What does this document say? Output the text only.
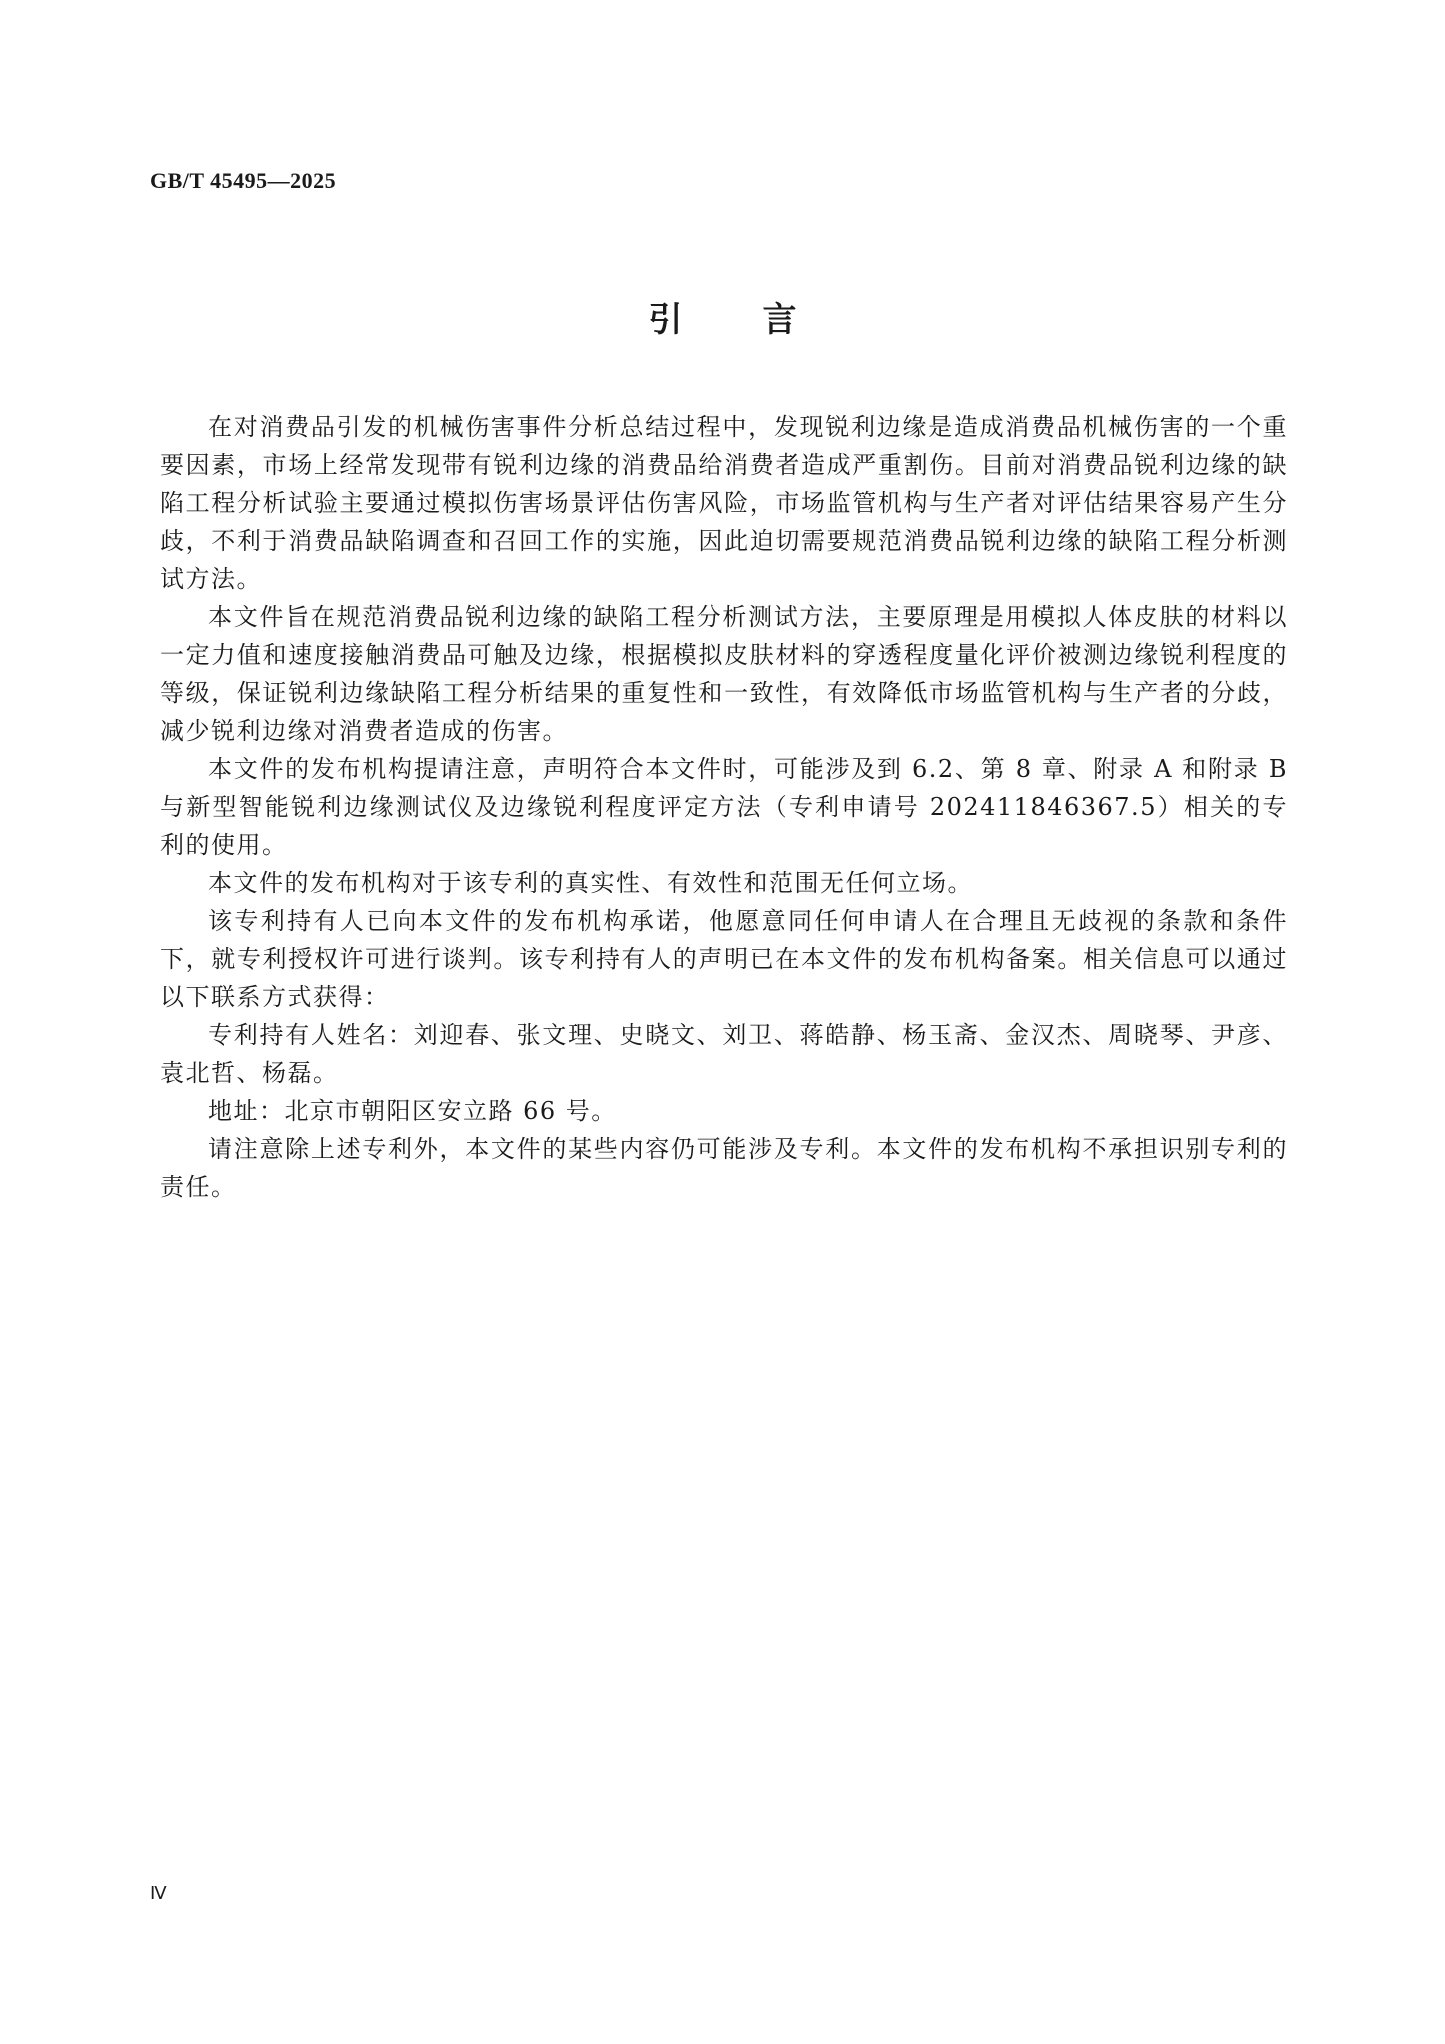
GB/T 45495—2025
引 言

在对消费品引发的机械伤害事件分析总结过程中，发现锐利边缘是造成消费品机械伤害的一个重要因素，市场上经常发现带有锐利边缘的消费品给消费者造成严重割伤。目前对消费品锐利边缘的缺陷工程分析试验主要通过模拟伤害场景评估伤害风险，市场监管机构与生产者对评估结果容易产生分歧，不利于消费品缺陷调查和召回工作的实施，因此迫切需要规范消费品锐利边缘的缺陷工程分析测试方法。

本文件旨在规范消费品锐利边缘的缺陷工程分析测试方法，主要原理是用模拟人体皮肤的材料以一定力值和速度接触消费品可触及边缘，根据模拟皮肤材料的穿透程度量化评价被测边缘锐利程度的等级，保证锐利边缘缺陷工程分析结果的重复性和一致性，有效降低市场监管机构与生产者的分歧，减少锐利边缘对消费者造成的伤害。

本文件的发布机构提请注意，声明符合本文件时，可能涉及到 6.2、第 8 章、附录 A 和附录 B 与新型智能锐利边缘测试仪及边缘锐利程度评定方法（专利申请号 202411846367.5）相关的专利的使用。

本文件的发布机构对于该专利的真实性、有效性和范围无任何立场。

该专利持有人已向本文件的发布机构承诺，他愿意同任何申请人在合理且无歧视的条款和条件下，就专利授权许可进行谈判。该专利持有人的声明已在本文件的发布机构备案。相关信息可以通过以下联系方式获得：

专利持有人姓名：刘迎春、张文理、史晓文、刘卫、蒋皓静、杨玉斋、金汉杰、周晓琴、尹彦、袁北哲、杨磊。

地址：北京市朝阳区安立路 66 号。

请注意除上述专利外，本文件的某些内容仍可能涉及专利。本文件的发布机构不承担识别专利的责任。

Ⅳ
